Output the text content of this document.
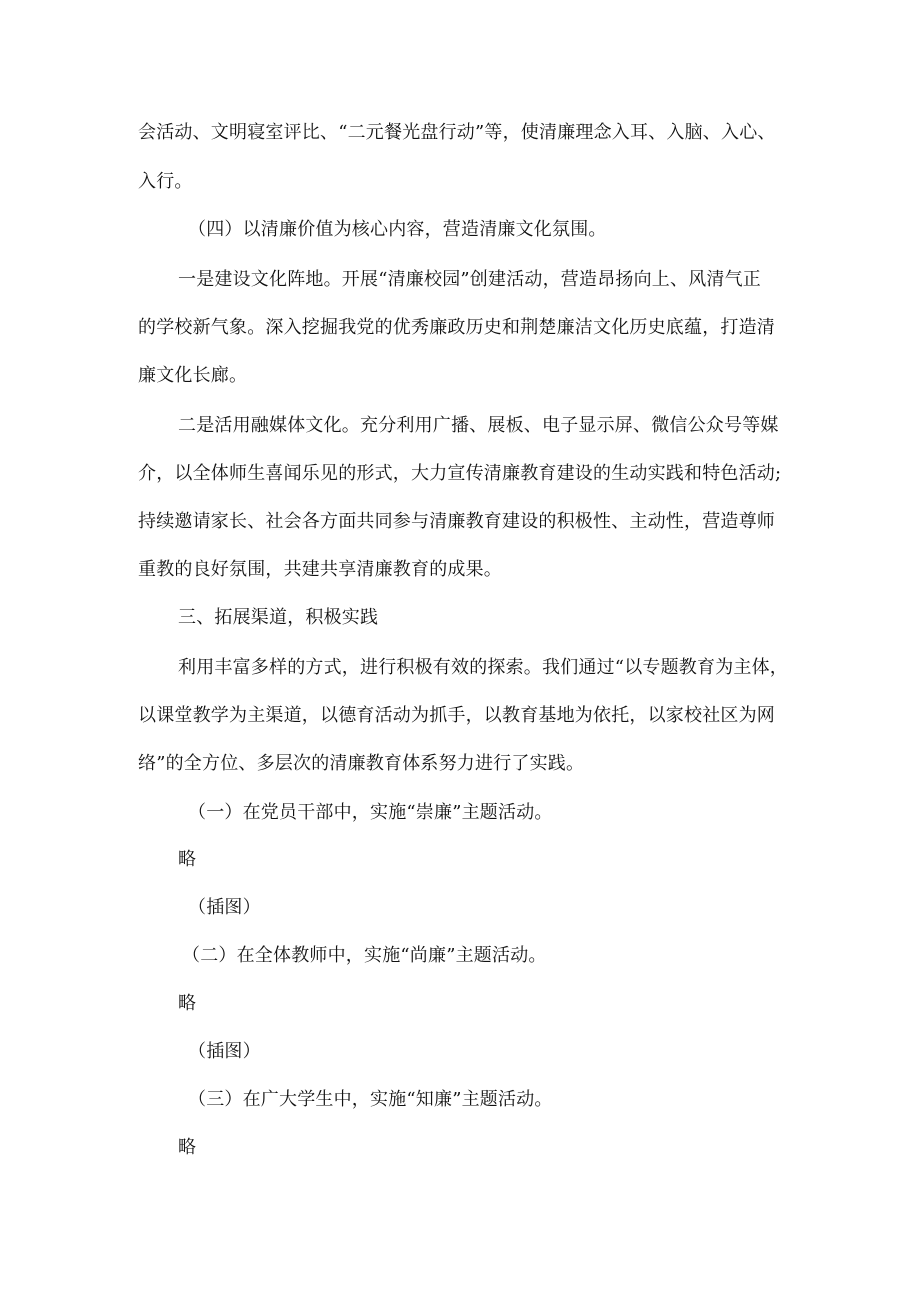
会活动、文明寝室评比、“二元餐光盘行动”等，使清廉理念入耳、入脑、入心、
入行。
（四）以清廉价值为核心内容，营造清廉文化氛围。
一是建设文化阵地。开展“清廉校园”创建活动，营造昂扬向上、风清气正
的学校新气象。深入挖掘我党的优秀廉政历史和荆楚廉洁文化历史底蕴，打造清
廉文化长廊。
二是活用融媒体文化。充分利用广播、展板、电子显示屏、微信公众号等媒
介，以全体师生喜闻乐见的形式，大力宣传清廉教育建设的生动实践和特色活动;
持续邀请家长、社会各方面共同参与清廉教育建设的积极性、主动性，营造尊师
重教的良好氛围，共建共享清廉教育的成果。
三、拓展渠道，积极实践
利用丰富多样的方式，进行积极有效的探索。我们通过“以专题教育为主体，
以课堂教学为主渠道，以德育活动为抓手，以教育基地为依托，以家校社区为网
络”的全方位、多层次的清廉教育体系努力进行了实践。
（一）在党员干部中，实施“崇廉”主题活动。
略
（插图）
（二）在全体教师中，实施“尚廉”主题活动。
略
（插图）
（三）在广大学生中，实施“知廉”主题活动。
略
